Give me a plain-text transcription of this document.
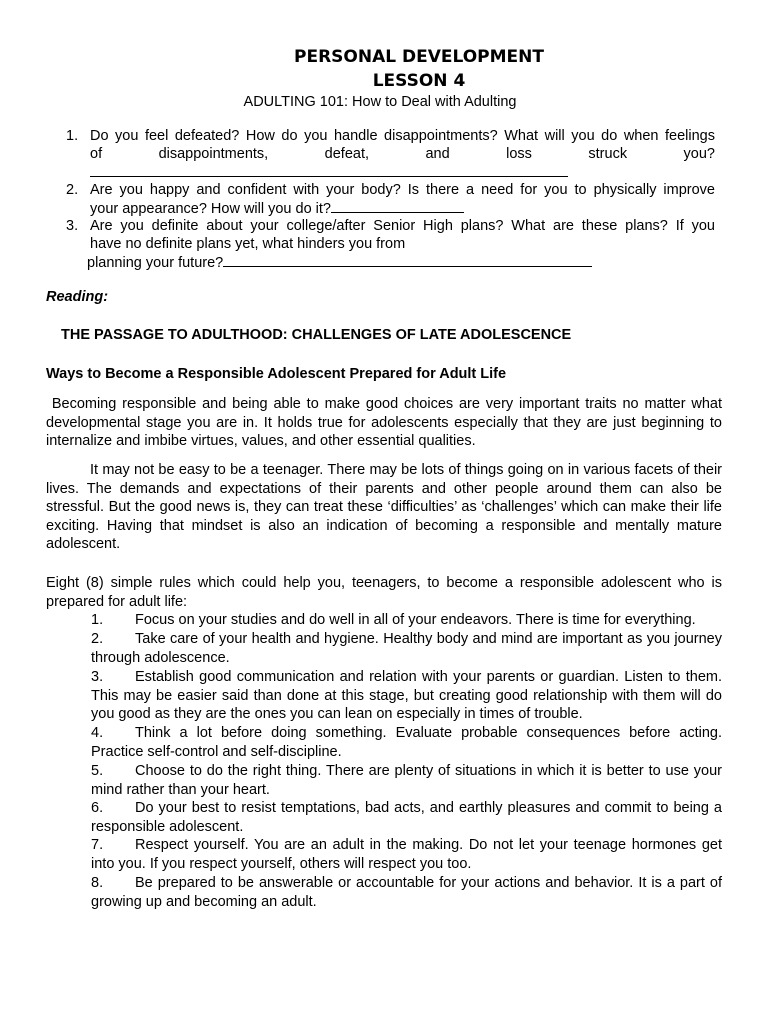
PERSONAL DEVELOPMENT
LESSON 4
ADULTING 101: How to Deal with Adulting
1. Do you feel defeated? How do you handle disappointments? What will you do when feelings
of disappointments, defeat, and loss struck you?
2. Are you happy and confident with your body? Is there a need for you to physically improve
your appearance? How will you do it?
3. Are you definite about your college/after Senior High plans? What are these plans? If you
have no definite plans yet, what hinders you from
planning your future?
Reading:
THE PASSAGE TO ADULTHOOD: CHALLENGES OF LATE ADOLESCENCE
Ways to Become a Responsible Adolescent Prepared for Adult Life

Becoming responsible and being able to make good choices are very important traits no matter what developmental stage you are in. It holds true for adolescents especially that they are just beginning to internalize and imbibe virtues, values, and other essential qualities.

It may not be easy to be a teenager. There may be lots of things going on in various facets of their lives. The demands and expectations of their parents and other people around them can also be stressful. But the good news is, they can treat these ‘difficulties’ as ‘challenges’ which can make their life exciting. Having that mindset is also an indication of becoming a responsible and mentally mature adolescent.

Eight (8) simple rules which could help you, teenagers, to become a responsible adolescent who is prepared for adult life:

1. Focus on your studies and do well in all of your endeavors. There is time for everything.
2. Take care of your health and hygiene. Healthy body and mind are important as you journey through adolescence.
3. Establish good communication and relation with your parents or guardian. Listen to them. This may be easier said than done at this stage, but creating good relationship with them will do you good as they are the ones you can lean on especially in times of trouble.
4. Think a lot before doing something. Evaluate probable consequences before acting. Practice self-control and self-discipline.
5. Choose to do the right thing. There are plenty of situations in which it is better to use your mind rather than your heart.
6. Do your best to resist temptations, bad acts, and earthly pleasures and commit to being a responsible adolescent.
7. Respect yourself. You are an adult in the making. Do not let your teenage hormones get into you. If you respect yourself, others will respect you too.
8. Be prepared to be answerable or accountable for your actions and behavior. It is a part of growing up and becoming an adult.
